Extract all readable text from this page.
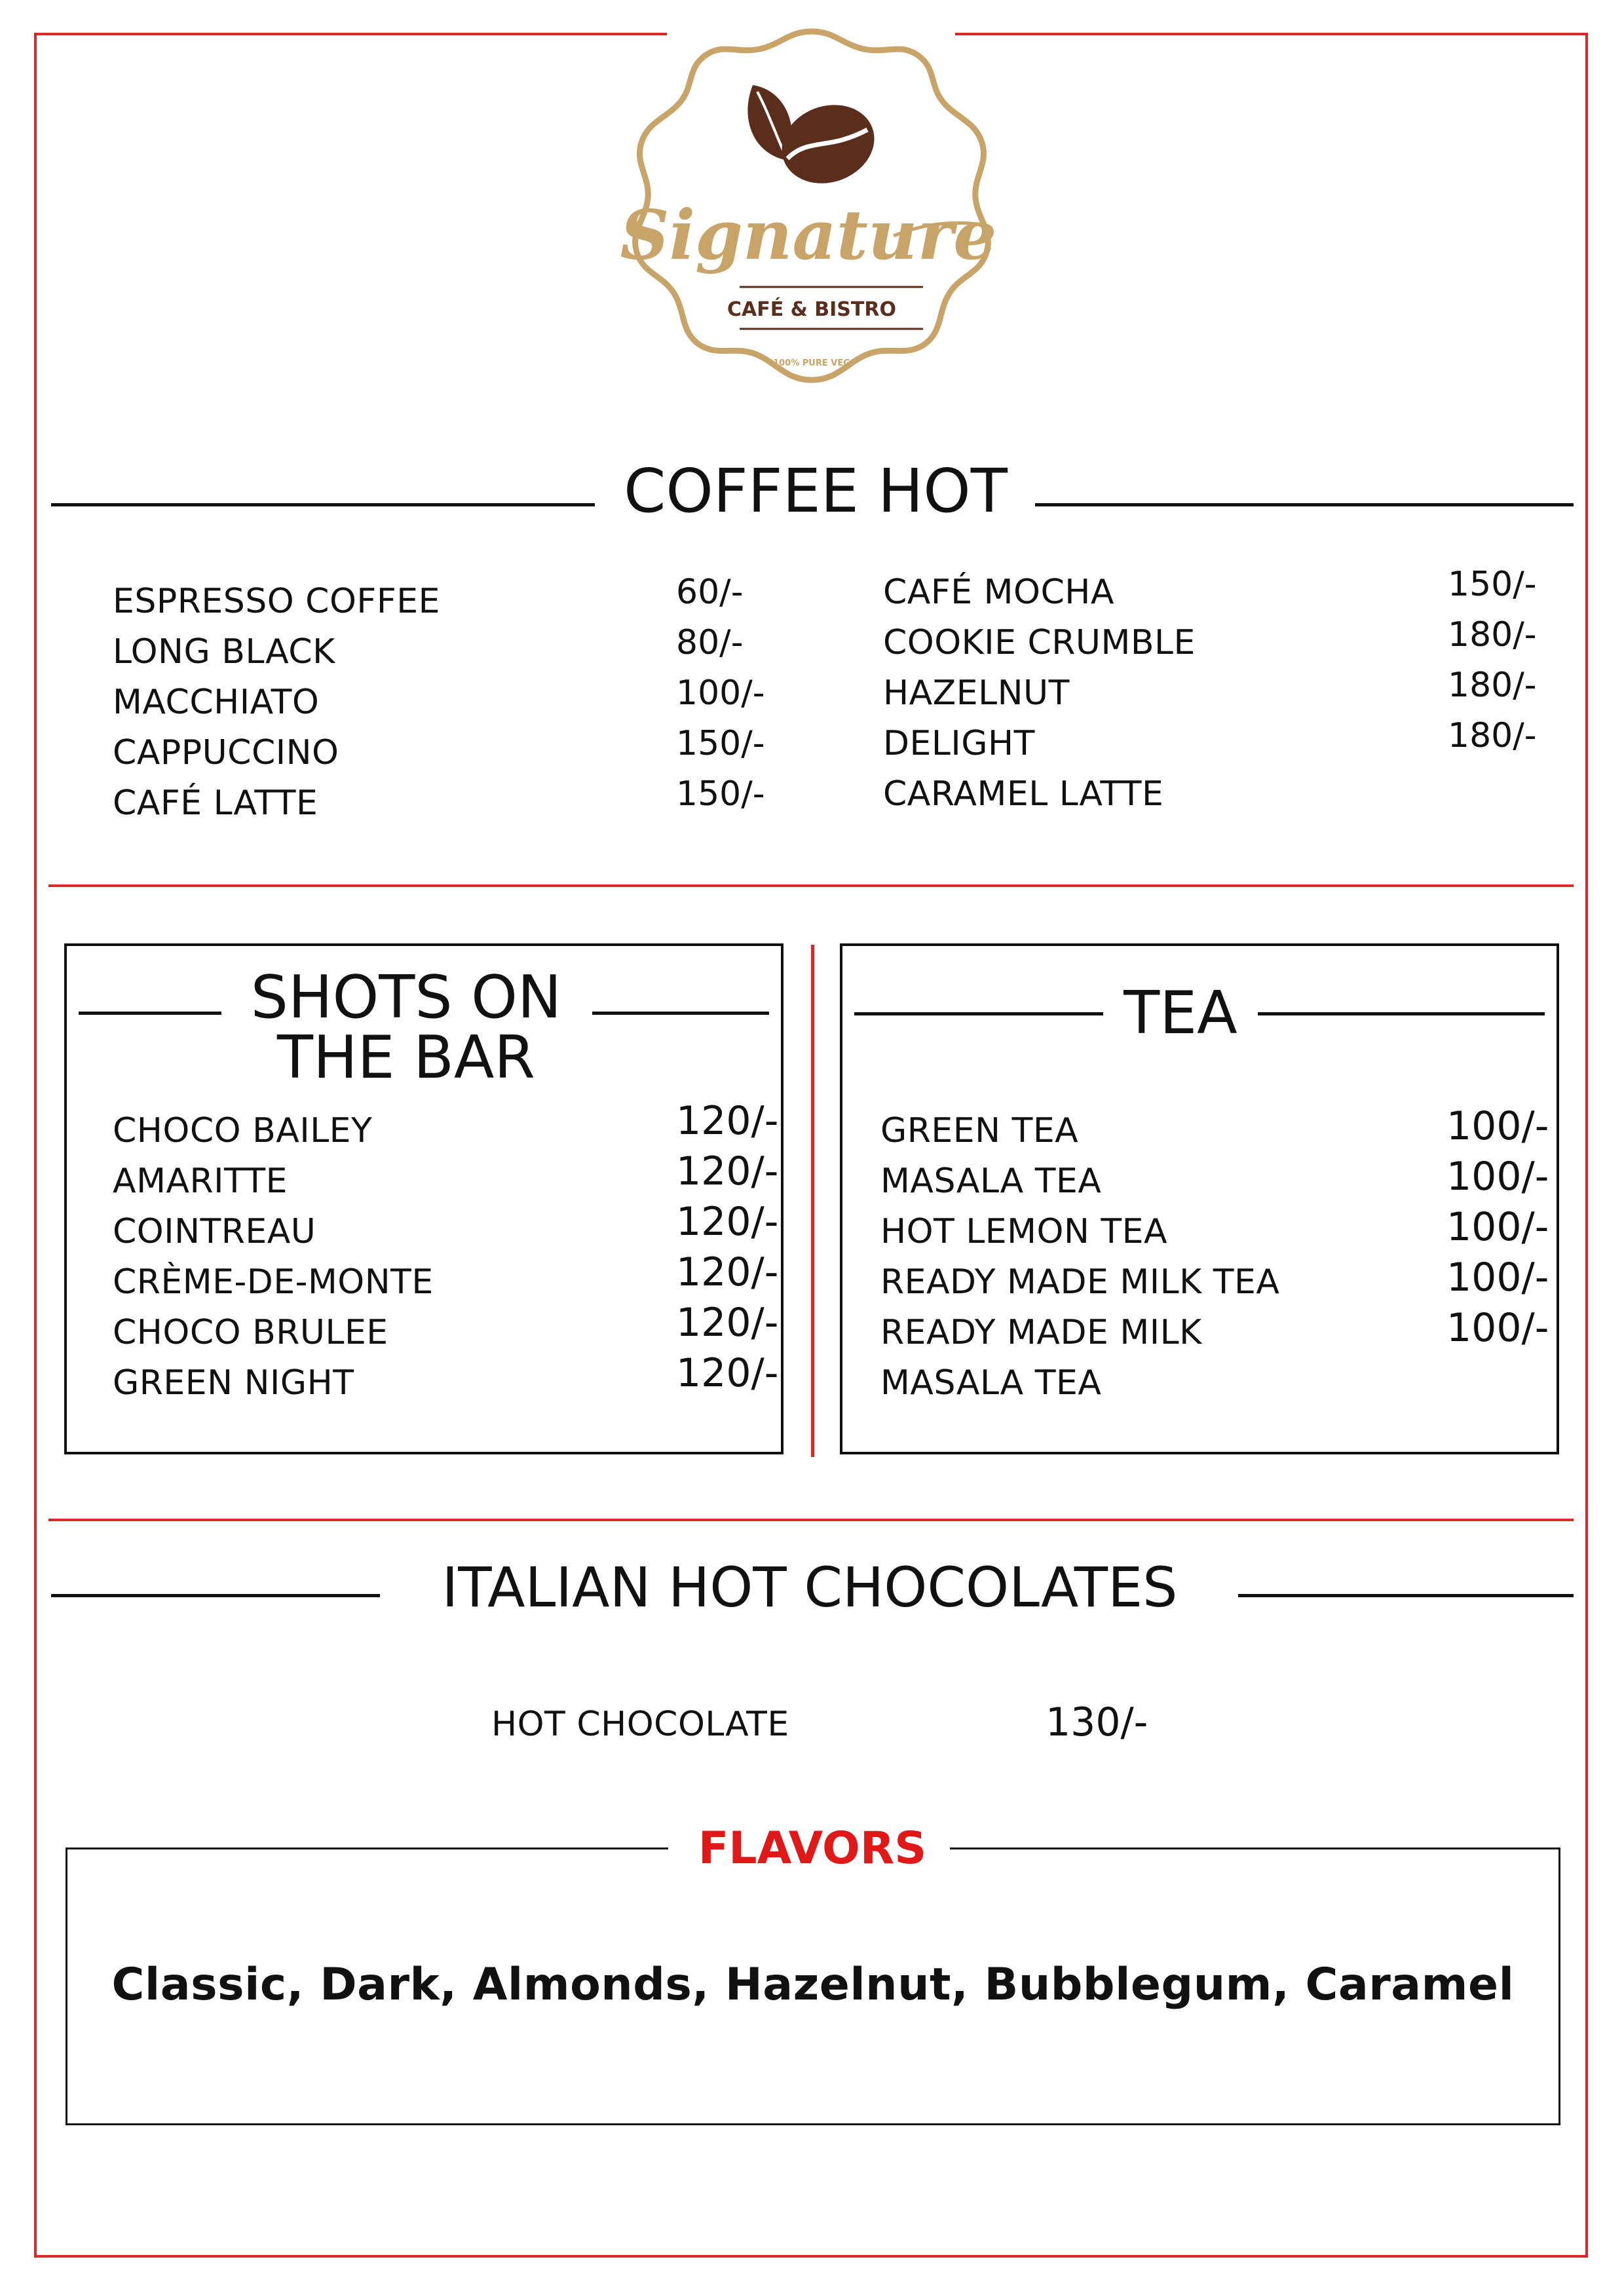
Signature
CAFÉ & BISTRO
100% PURE VEG
COFFEE HOT
ESPRESSO COFFEE
LONG BLACK
MACCHIATO
CAPPUCCINO
CAFÉ LATTE
60/-
80/-
100/-
150/-
150/-
CAFÉ MOCHA
COOKIE CRUMBLE
HAZELNUT
DELIGHT
CARAMEL LATTE
150/-
180/-
180/-
180/-
SHOTS ON
THE BAR
CHOCO BAILEY
AMARITTE
COINTREAU
CRÈME-DE-MONTE
CHOCO BRULEE
GREEN NIGHT
120/-
120/-
120/-
120/-
120/-
120/-
TEA
GREEN TEA
MASALA TEA
HOT LEMON TEA
READY MADE MILK TEA
READY MADE MILK
MASALA TEA
100/-
100/-
100/-
100/-
100/-
ITALIAN HOT CHOCOLATES
HOT CHOCOLATE	130/-
FLAVORS
Classic, Dark, Almonds, Hazelnut, Bubblegum, Caramel
